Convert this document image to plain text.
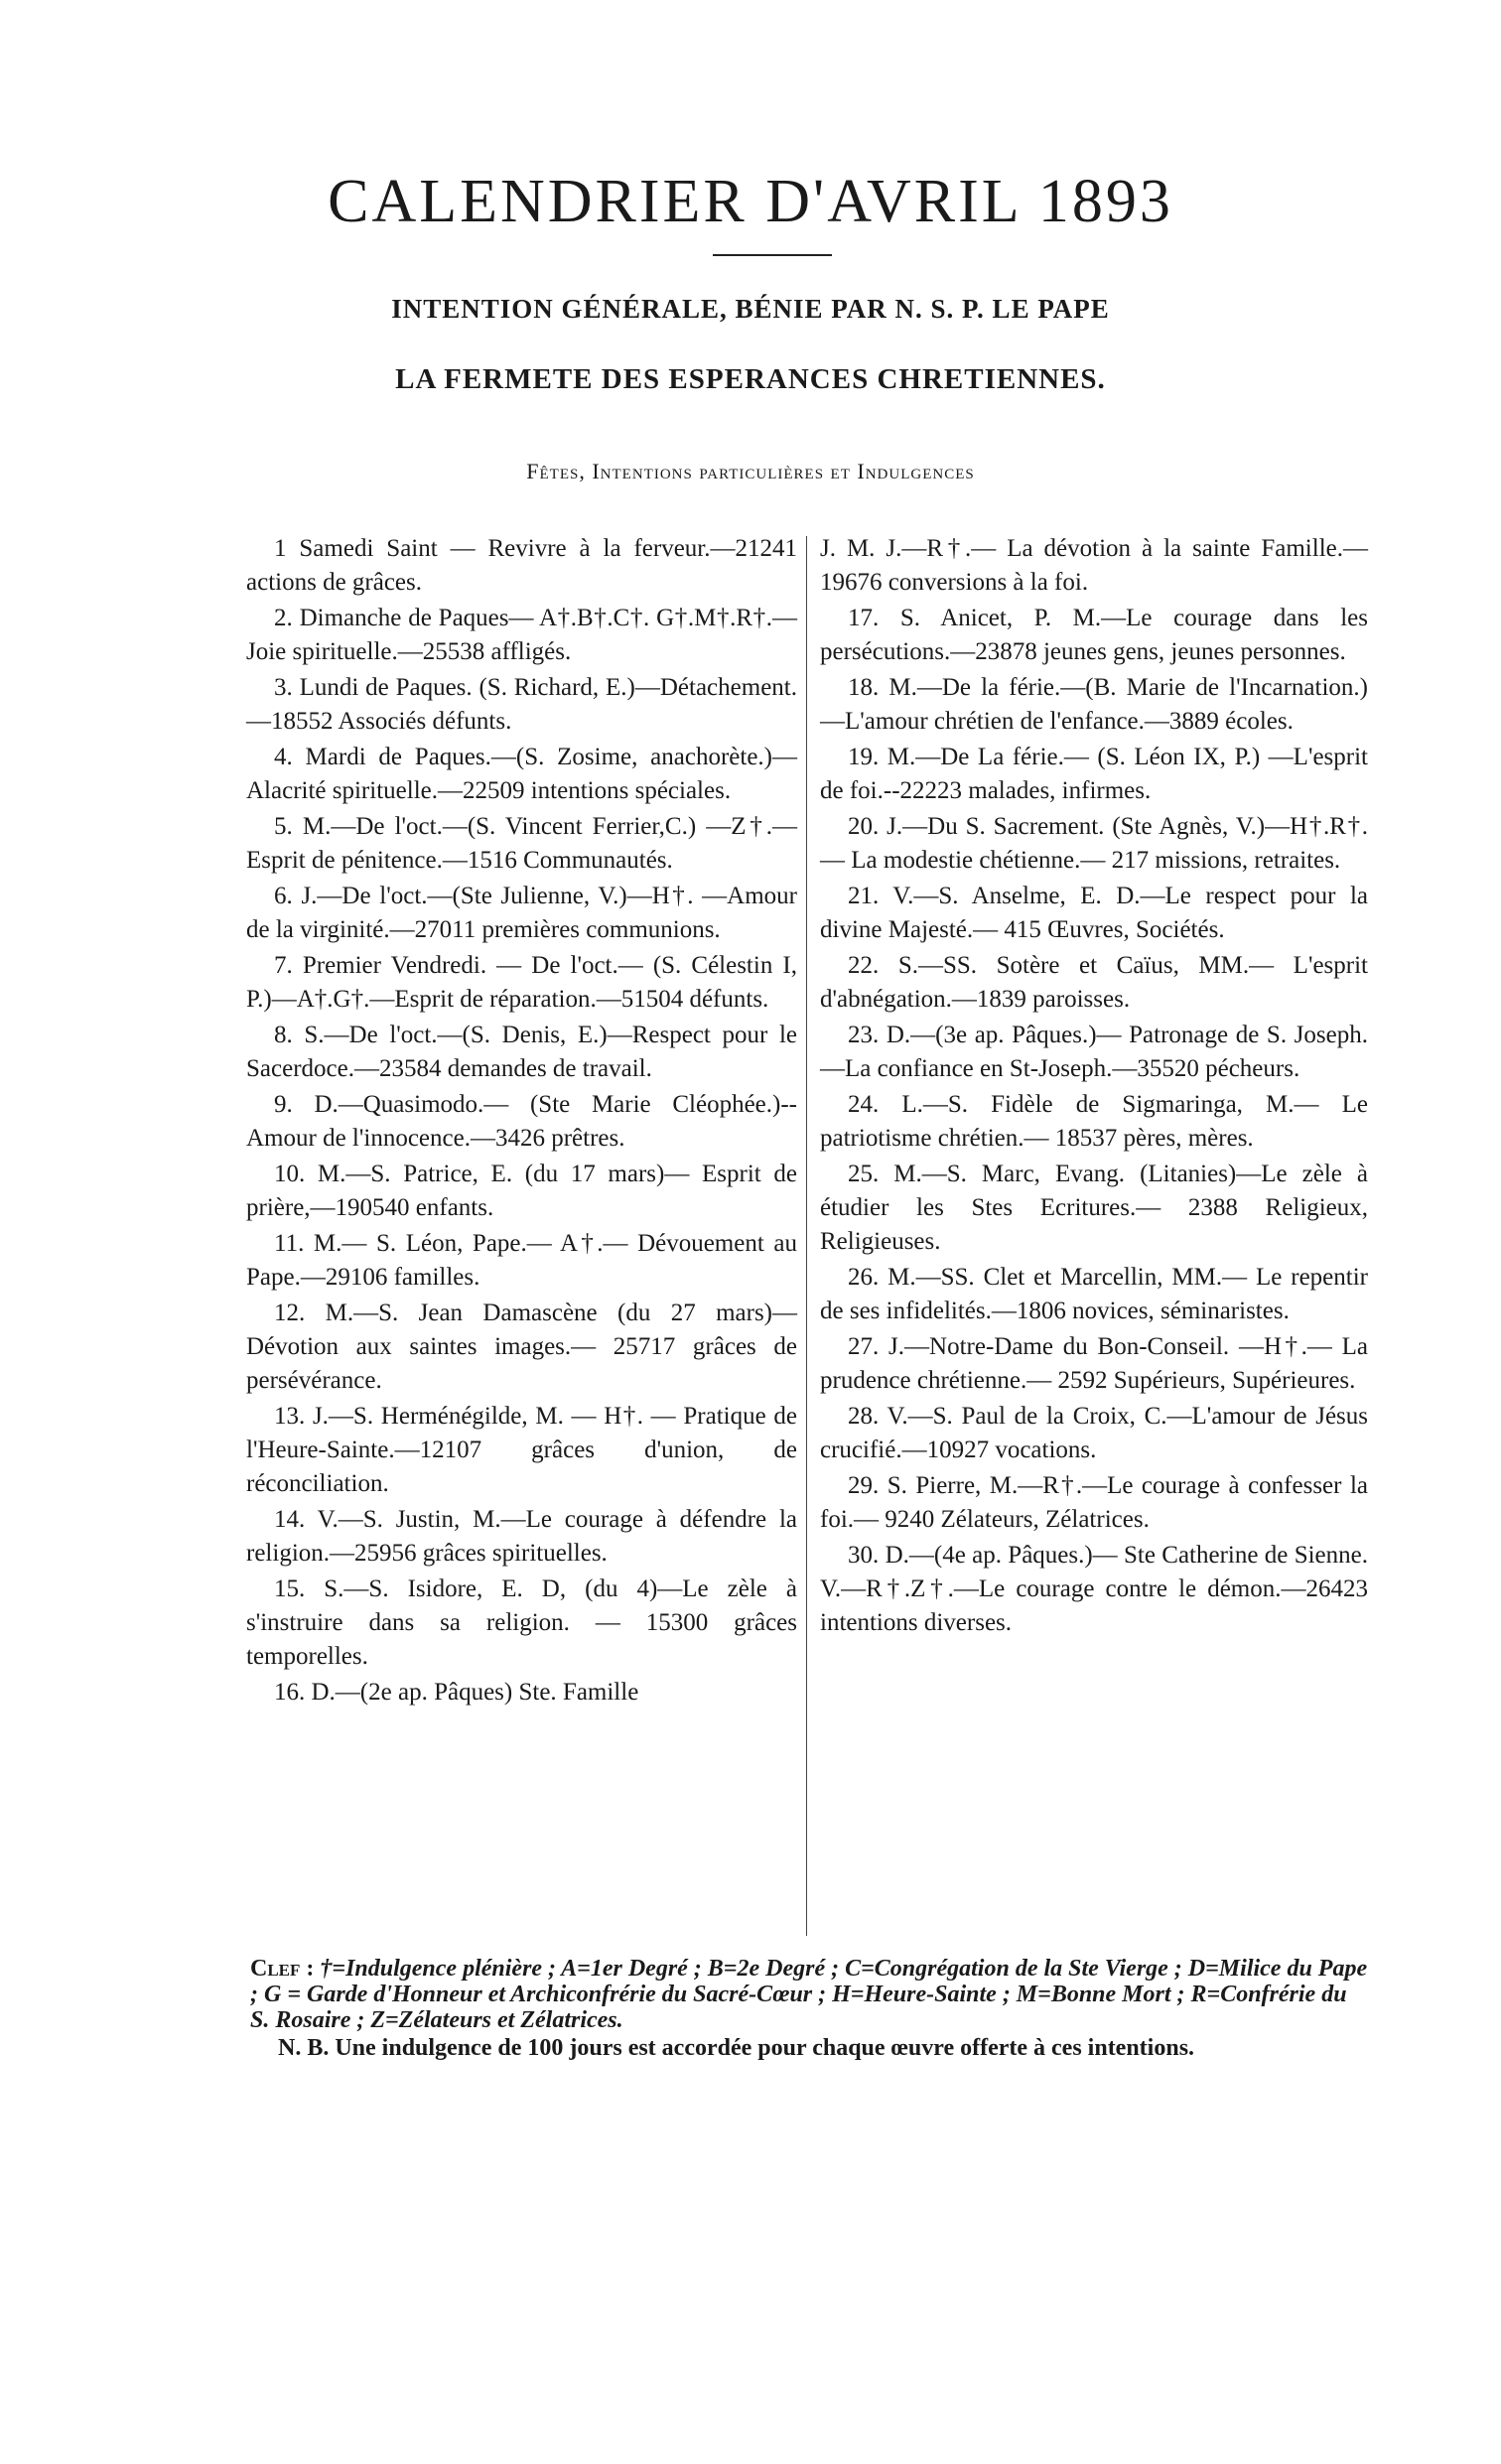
CALENDRIER D'AVRIL 1893
INTENTION GÉNÉRALE, BÉNIE PAR N. S. P. LE PAPE
LA FERMETE DES ESPERANCES CHRETIENNES.
Fêtes, Intentions particulières et Indulgences

1 Samedi Saint — Revivre à la ferveur.—21241 actions de grâces.

2. Dimanche de Paques— A†.B†.C†. G†.M†.R†.—Joie spirituelle.—25538 affligés.

3. Lundi de Paques. (S. Richard, E.)—Détachement.—18552 Associés défunts.

4. Mardi de Paques.—(S. Zosime, anachorète.)—Alacrité spirituelle.—22509 intentions spéciales.

5. M.—De l'oct.—(S. Vincent Ferrier,C.) —Z†.—Esprit de pénitence.—1516 Communautés.

6. J.—De l'oct.—(Ste Julienne, V.)—H†. —Amour de la virginité.—27011 premières communions.

7. Premier Vendredi. — De l'oct.— (S. Célestin I, P.)—A†.G†.—Esprit de réparation.—51504 défunts.

8. S.—De l'oct.—(S. Denis, E.)—Respect pour le Sacerdoce.—23584 demandes de travail.

9. D.—Quasimodo.— (Ste Marie Cléophée.)--Amour de l'innocence.—3426 prêtres.

10. M.—S. Patrice, E. (du 17 mars)— Esprit de prière,—190540 enfants.

11. M.— S. Léon, Pape.— A†.— Dévouement au Pape.—29106 familles.

12. M.—S. Jean Damascène (du 27 mars)—Dévotion aux saintes images.— 25717 grâces de persévérance.

13. J.—S. Herménégilde, M. — H†. — Pratique de l'Heure-Sainte.—12107 grâces d'union, de réconciliation.

14. V.—S. Justin, M.—Le courage à défendre la religion.—25956 grâces spirituelles.

15. S.—S. Isidore, E. D, (du 4)—Le zèle à s'instruire dans sa religion. — 15300 grâces temporelles.

16. D.—(2e ap. Pâques) Ste. Famille

J. M. J.—R†.— La dévotion à la sainte Famille.—19676 conversions à la foi.

17. S. Anicet, P. M.—Le courage dans les persécutions.—23878 jeunes gens, jeunes personnes.

18. M.—De la férie.—(B. Marie de l'Incarnation.)—L'amour chrétien de l'enfance.—3889 écoles.

19. M.—De La férie.— (S. Léon IX, P.) —L'esprit de foi.--22223 malades, infirmes.

20. J.—Du S. Sacrement. (Ste Agnès, V.)—H†.R†.— La modestie chétienne.— 217 missions, retraites.

21. V.—S. Anselme, E. D.—Le respect pour la divine Majesté.— 415 Œuvres, Sociétés.

22. S.—SS. Sotère et Caïus, MM.— L'esprit d'abnégation.—1839 paroisses.

23. D.—(3e ap. Pâques.)— Patronage de S. Joseph.—La confiance en St-Joseph.—35520 pécheurs.

24. L.—S. Fidèle de Sigmaringa, M.— Le patriotisme chrétien.— 18537 pères, mères.

25. M.—S. Marc, Evang. (Litanies)—Le zèle à étudier les Stes Ecritures.— 2388 Religieux, Religieuses.

26. M.—SS. Clet et Marcellin, MM.— Le repentir de ses infidelités.—1806 novices, séminaristes.

27. J.—Notre-Dame du Bon-Conseil. —H†.— La prudence chrétienne.— 2592 Supérieurs, Supérieures.

28. V.—S. Paul de la Croix, C.—L'amour de Jésus crucifié.—10927 vocations.

29. S. Pierre, M.—R†.—Le courage à confesser la foi.— 9240 Zélateurs, Zélatrices.

30. D.—(4e ap. Pâques.)— Ste Catherine de Sienne. V.—R†.Z†.—Le courage contre le démon.—26423 intentions diverses.

Clef : †=Indulgence plénière ; A=1er Degré ; B=2e Degré ; C=Congrégation de la Ste Vierge ; D=Milice du Pape ; G = Garde d'Honneur et Archiconfrérie du Sacré-Cœur ; H=Heure-Sainte ; M=Bonne Mort ; R=Confrérie du S. Rosaire ; Z=Zélateurs et Zélatrices.
N. B. Une indulgence de 100 jours est accordée pour chaque œuvre offerte à ces intentions.
